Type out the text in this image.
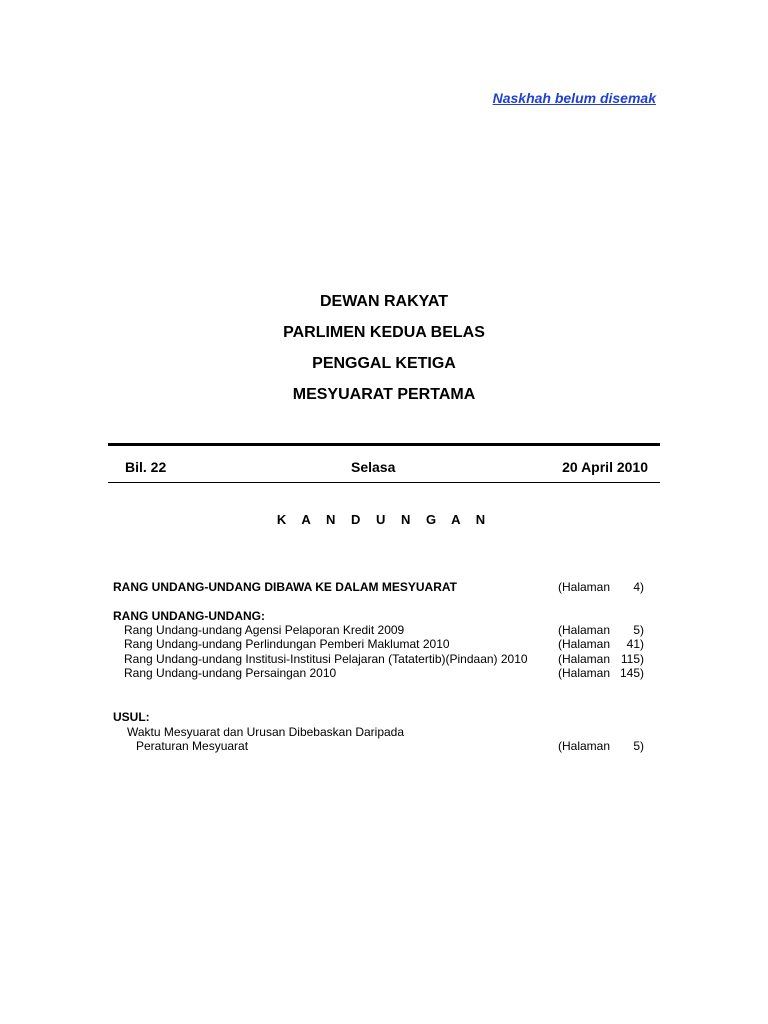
Naskhah belum disemak
DEWAN RAKYAT
PARLIMEN KEDUA BELAS
PENGGAL KETIGA
MESYUARAT PERTAMA
Bil. 22	Selasa	20 April 2010
K A N D U N G A N
RANG UNDANG-UNDANG DIBAWA KE DALAM MESYUARAT	(Halaman 4)
RANG UNDANG-UNDANG:
Rang Undang-undang Agensi Pelaporan Kredit 2009	(Halaman 5)
Rang Undang-undang Perlindungan Pemberi Maklumat 2010	(Halaman 41)
Rang Undang-undang Institusi-Institusi Pelajaran (Tatatertib)(Pindaan) 2010	(Halaman 115)
Rang Undang-undang Persaingan 2010	(Halaman 145)
USUL:
Waktu Mesyuarat dan Urusan Dibebaskan Daripada
Peraturan Mesyuarat	(Halaman 5)
